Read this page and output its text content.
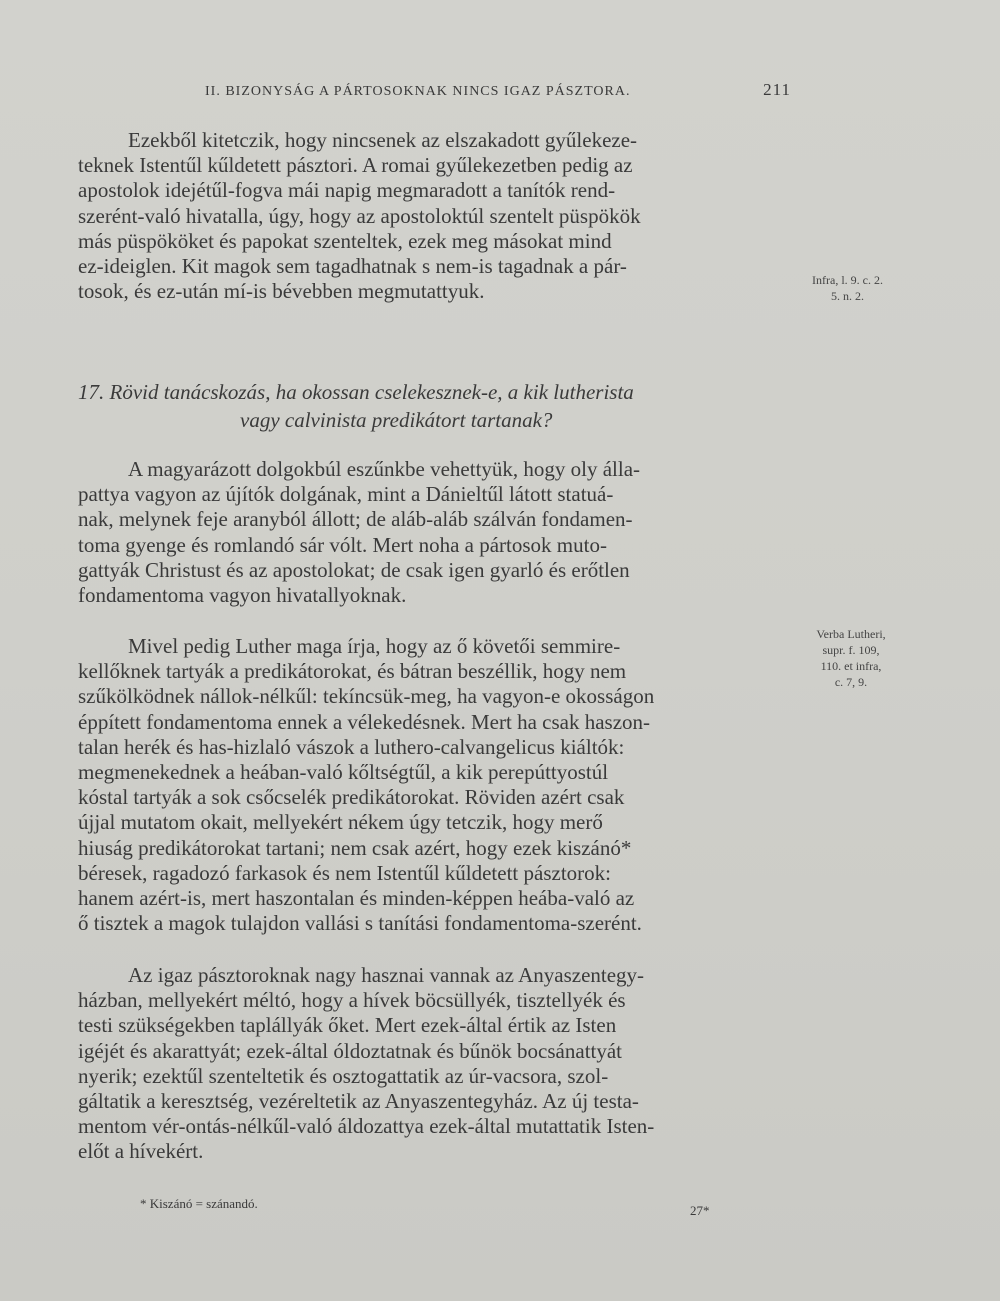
II. BIZONYSÁG A PÁRTOSOKNAK NINCS IGAZ PÁSZTORA.	211
Ezekből kitetczik, hogy nincsenek az elszakadott gyűlekeze-
teknek Istentűl kűldetett pásztori. A romai gyűlekezetben pedig az
apostolok idejétűl-fogva mái napig megmaradott a tanítók rend-
szerént-való hivatalla, úgy, hogy az apostoloktúl szentelt püspökök
más püspököket és papokat szenteltek, ezek meg másokat mind
ez-ideiglen. Kit magok sem tagadhatnak s nem-is tagadnak a pár-
tosok, és ez-után mí-is bévebben megmutattyuk.	Infra, l. 9. c. 2.
5. n. 2.
17. Rövid tanácskozás, ha okossan cselekesznek-e, a kik lutherista
vagy calvinista predikátort tartanak?
A magyarázott dolgokbúl eszűnkbe vehettyük, hogy oly álla-
pattya vagyon az újítók dolgának, mint a Dánieltűl látott statuá-
nak, melynek feje aranyból állott; de aláb-aláb szálván fondamen-
toma gyenge és romlandó sár vólt. Mert noha a pártosok muto-
gattyák Christust és az apostolokat; de csak igen gyarló és erőtlen
fondamentoma vagyon hivatallyoknak.
Mivel pedig Luther maga írja, hogy az ő követői semmire-
kellőknek tartyák a predikátorokat, és bátran beszéllik, hogy nem
szűkölködnek nállok-nélkűl: tekíncsük-meg, ha vagyon-e okosságon
éppített fondamentoma ennek a vélekedésnek. Mert ha csak haszon-
talan herék és has-hizlaló vászok a luthero-calvangelicus kiáltók:
megmenekednek a heában-való kőltségtűl, a kik perepúttyostúl
kóstal tartyák a sok csőcselék predikátorokat. Röviden azért csak
újjal mutatom okait, mellyekért nékem úgy tetczik, hogy merő
hiuság predikátorokat tartani; nem csak azért, hogy ezek kiszánó*
béresek, ragadozó farkasok és nem Istentűl kűldetett pásztorok:
hanem azért-is, mert haszontalan és minden-képpen heába-való az
ő tisztek a magok tulajdon vallási s tanítási fondamentoma-szerént.
Verba Lutheri,
supr. f. 109,
110. et infra,
c. 7, 9.
Az igaz pásztoroknak nagy hasznai vannak az Anyaszentegy-
házban, mellyekért méltó, hogy a hívek böcsüllyék, tisztellyék és
testi szükségekben taplállyák őket. Mert ezek-által értik az Isten
igéjét és akarattyát; ezek-által óldoztatnak és bűnök bocsánattyát
nyerik; ezektűl szenteltetik és osztogattatik az úr-vacsora, szol-
gáltatik a keresztség, vezéreltetik az Anyaszentegyház. Az új testa-
mentom vér-ontás-nélkűl-való áldozattya ezek-által mutattatik Isten-
előt a hívekért.
* Kiszánó = szánandó.	27*
